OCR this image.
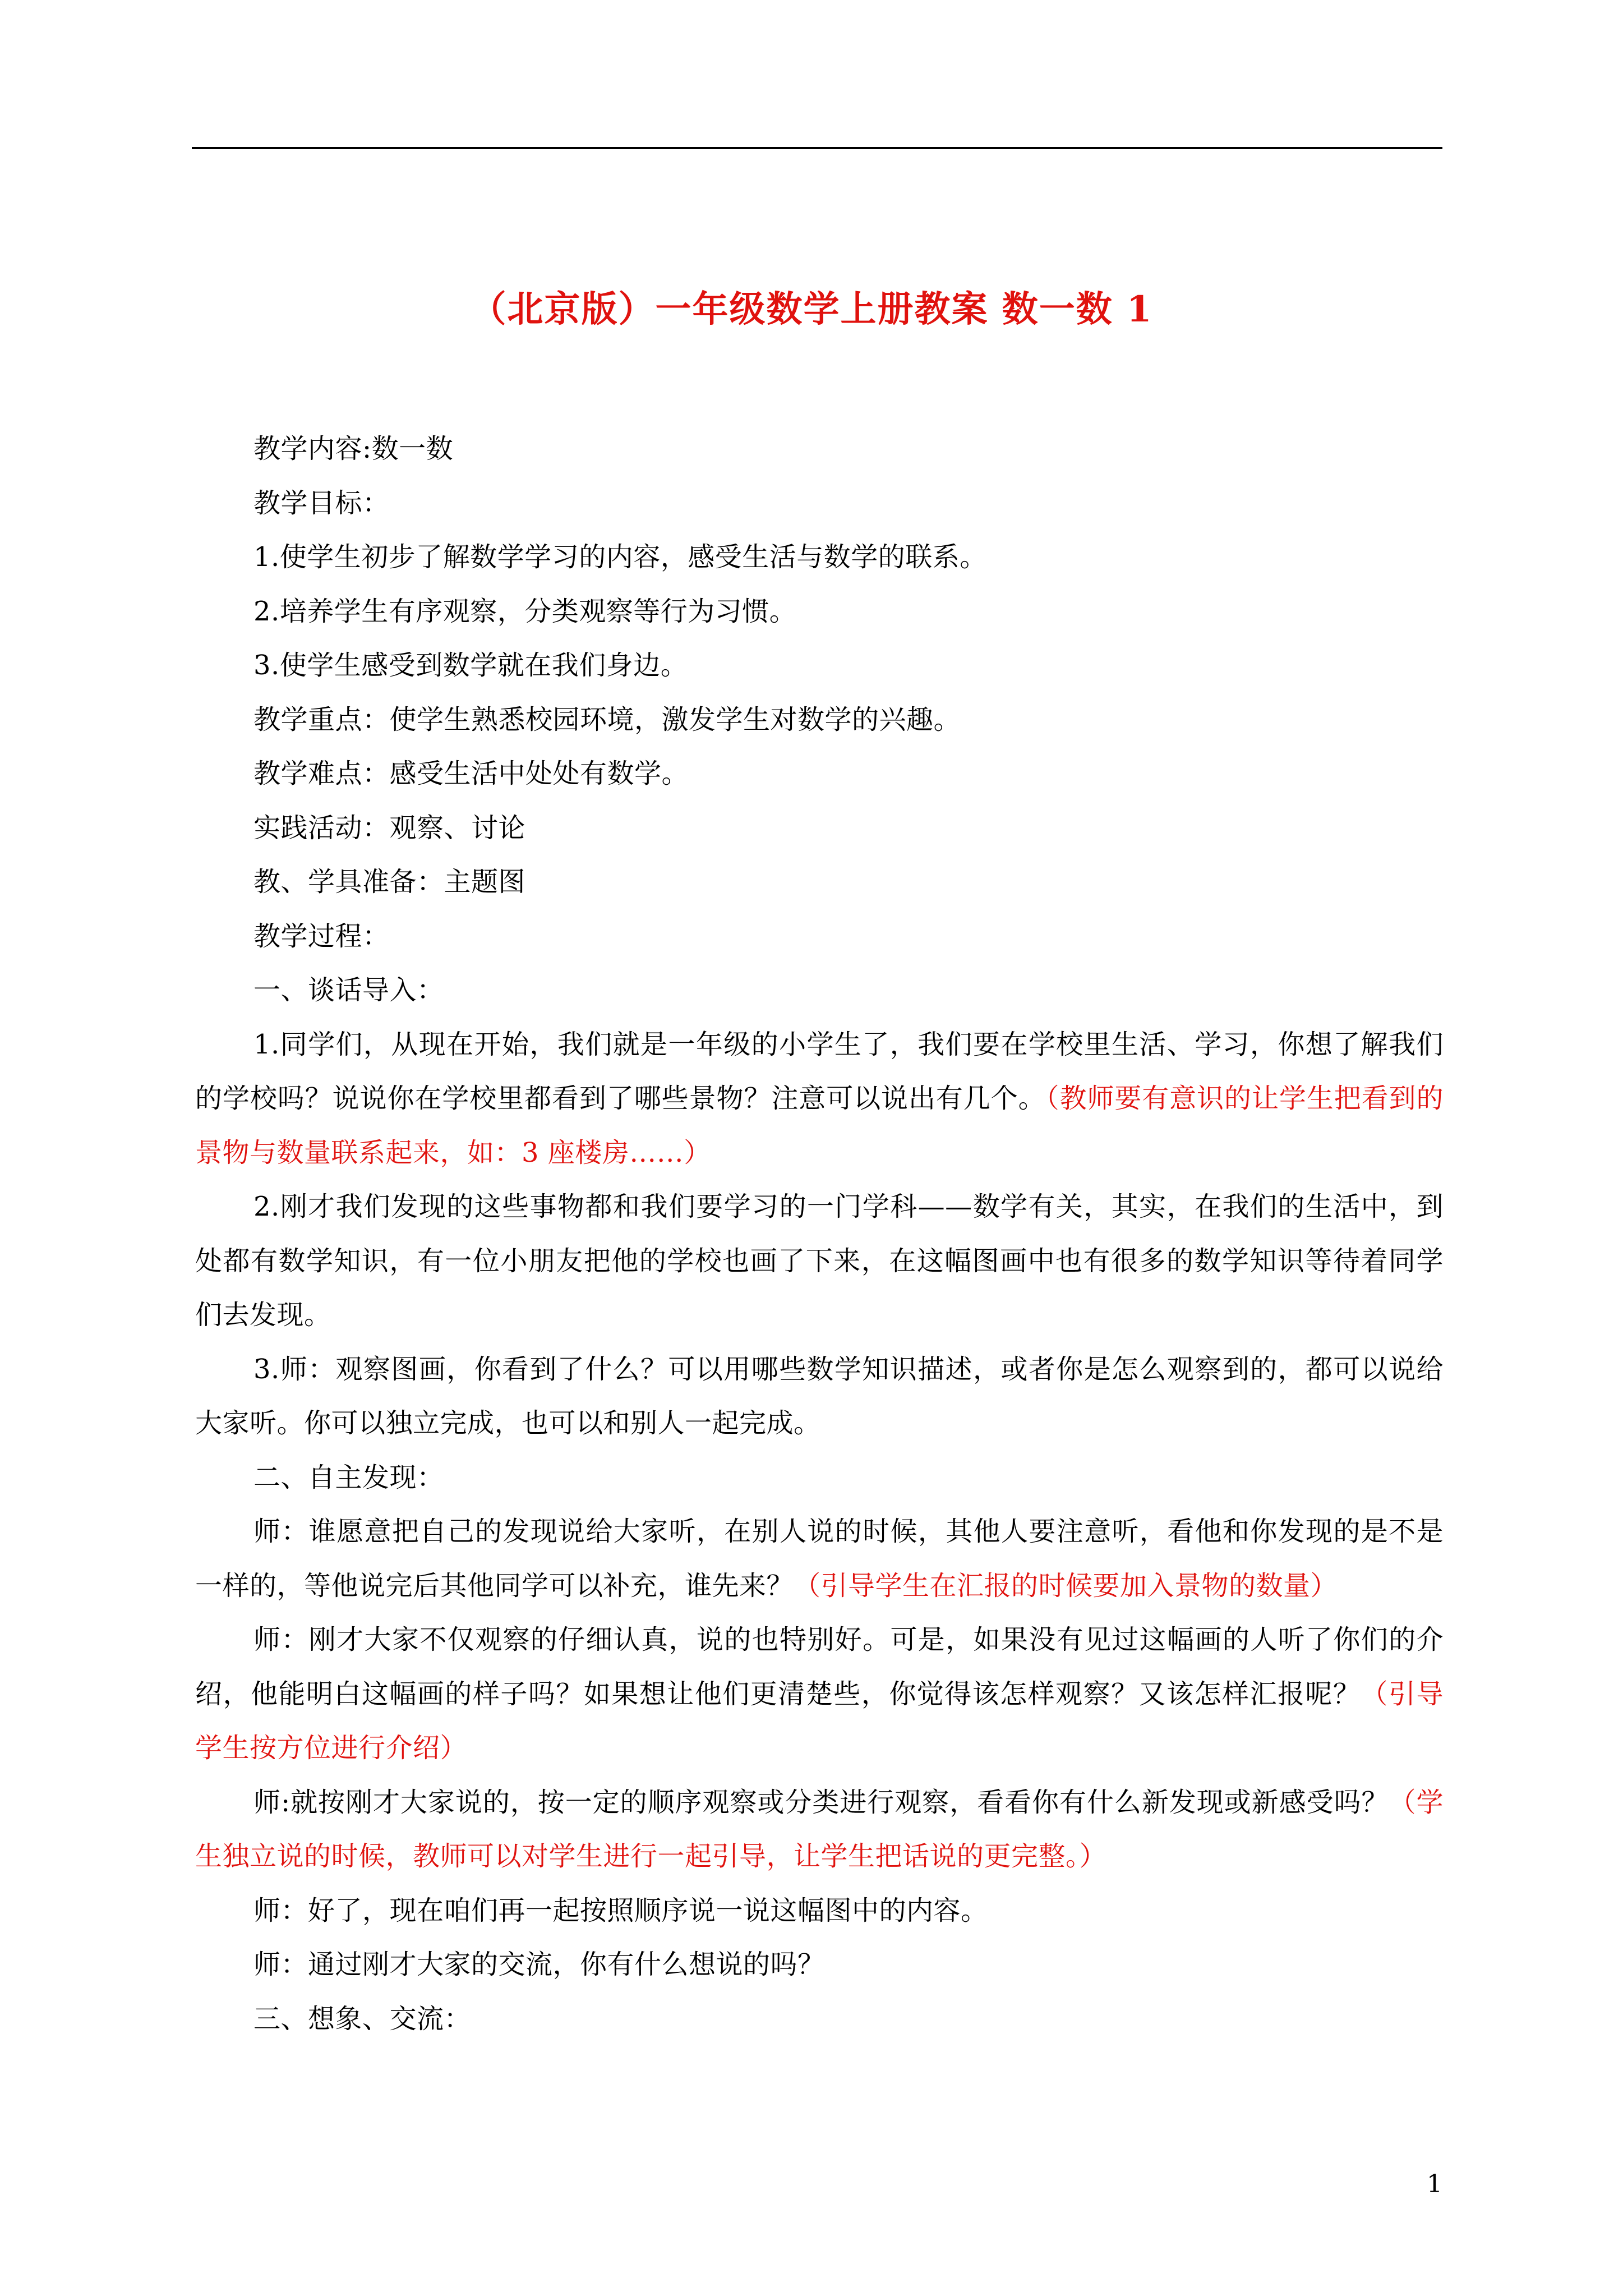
（北京版）一年级数学上册教案 数一数 1

教学内容:数一数

教学目标：

1.使学生初步了解数学学习的内容，感受生活与数学的联系。

2.培养学生有序观察，分类观察等行为习惯。

3.使学生感受到数学就在我们身边。

教学重点：使学生熟悉校园环境，激发学生对数学的兴趣。

教学难点：感受生活中处处有数学。

实践活动：观察、讨论

教、学具准备：主题图

教学过程：

一、谈话导入：

1.同学们，从现在开始，我们就是一年级的小学生了，我们要在学校里生活、学习，你想了解我们的学校吗？说说你在学校里都看到了哪些景物？注意可以说出有几个。（教师要有意识的让学生把看到的景物与数量联系起来，如：3 座楼房……）

2.刚才我们发现的这些事物都和我们要学习的一门学科——数学有关，其实，在我们的生活中，到处都有数学知识，有一位小朋友把他的学校也画了下来，在这幅图画中也有很多的数学知识等待着同学们去发现。

3.师：观察图画，你看到了什么？可以用哪些数学知识描述，或者你是怎么观察到的，都可以说给大家听。你可以独立完成，也可以和别人一起完成。

二、自主发现：

师：谁愿意把自己的发现说给大家听，在别人说的时候，其他人要注意听，看他和你发现的是不是一样的，等他说完后其他同学可以补充，谁先来？（引导学生在汇报的时候要加入景物的数量）

师：刚才大家不仅观察的仔细认真，说的也特别好。可是，如果没有见过这幅画的人听了你们的介绍，他能明白这幅画的样子吗？如果想让他们更清楚些，你觉得该怎样观察？又该怎样汇报呢？（引导学生按方位进行介绍）

师:就按刚才大家说的，按一定的顺序观察或分类进行观察，看看你有什么新发现或新感受吗？（学生独立说的时候，教师可以对学生进行一起引导，让学生把话说的更完整。）

师：好了，现在咱们再一起按照顺序说一说这幅图中的内容。

师：通过刚才大家的交流，你有什么想说的吗？

三、想象、交流：

1
